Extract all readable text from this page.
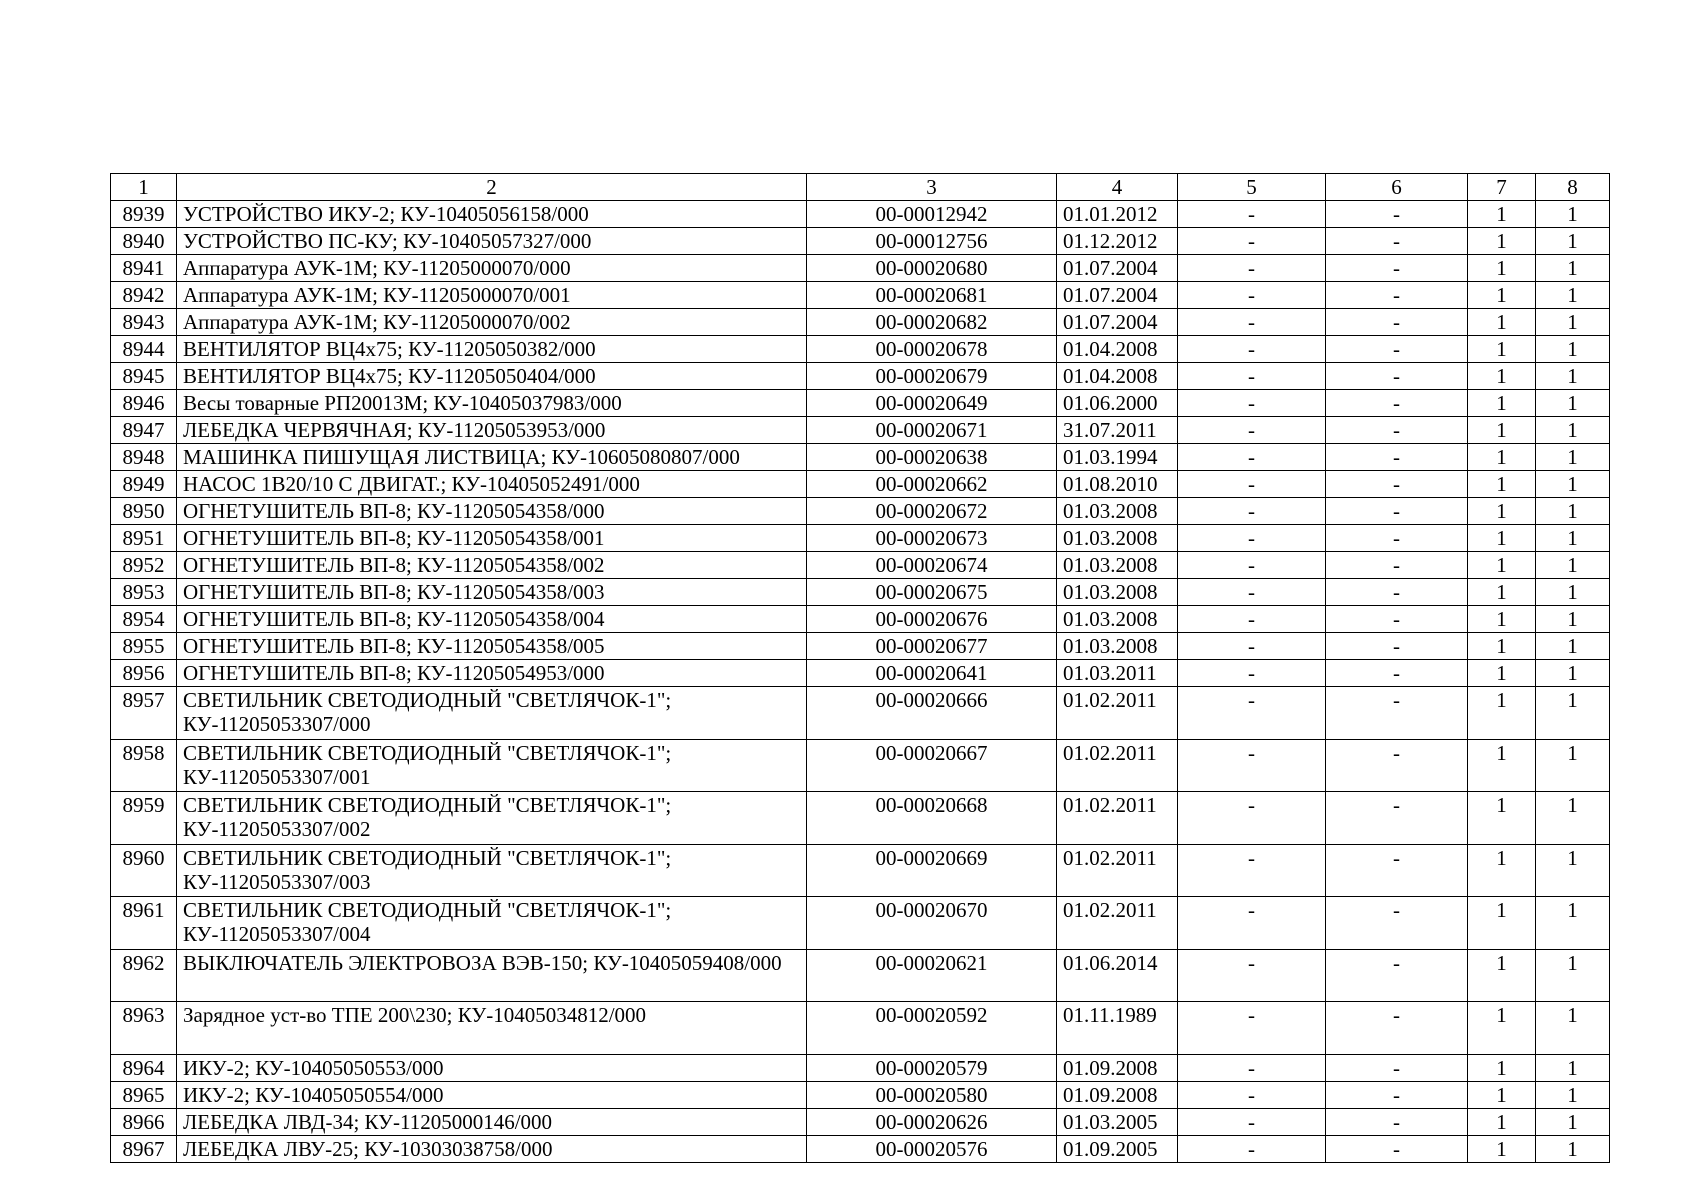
1	2	3	4	5	6	7	8
8939	УСТРОЙСТВО ИКУ-2; КУ-10405056158/000	00-00012942	01.01.2012	-	-	1	1
8940	УСТРОЙСТВО ПС-КУ; КУ-10405057327/000	00-00012756	01.12.2012	-	-	1	1
8941	Аппаратура АУК-1М; КУ-11205000070/000	00-00020680	01.07.2004	-	-	1	1
8942	Аппаратура АУК-1М; КУ-11205000070/001	00-00020681	01.07.2004	-	-	1	1
8943	Аппаратура АУК-1М; КУ-11205000070/002	00-00020682	01.07.2004	-	-	1	1
8944	ВЕНТИЛЯТОР ВЦ4х75; КУ-11205050382/000	00-00020678	01.04.2008	-	-	1	1
8945	ВЕНТИЛЯТОР ВЦ4х75; КУ-11205050404/000	00-00020679	01.04.2008	-	-	1	1
8946	Весы товарные РП20013М; КУ-10405037983/000	00-00020649	01.06.2000	-	-	1	1
8947	ЛЕБЕДКА ЧЕРВЯЧНАЯ; КУ-11205053953/000	00-00020671	31.07.2011	-	-	1	1
8948	МАШИНКА ПИШУЩАЯ ЛИСТВИЦА; КУ-10605080807/000	00-00020638	01.03.1994	-	-	1	1
8949	НАСОС 1В20/10 С ДВИГАТ.; КУ-10405052491/000	00-00020662	01.08.2010	-	-	1	1
8950	ОГНЕТУШИТЕЛЬ ВП-8; КУ-11205054358/000	00-00020672	01.03.2008	-	-	1	1
8951	ОГНЕТУШИТЕЛЬ ВП-8; КУ-11205054358/001	00-00020673	01.03.2008	-	-	1	1
8952	ОГНЕТУШИТЕЛЬ ВП-8; КУ-11205054358/002	00-00020674	01.03.2008	-	-	1	1
8953	ОГНЕТУШИТЕЛЬ ВП-8; КУ-11205054358/003	00-00020675	01.03.2008	-	-	1	1
8954	ОГНЕТУШИТЕЛЬ ВП-8; КУ-11205054358/004	00-00020676	01.03.2008	-	-	1	1
8955	ОГНЕТУШИТЕЛЬ ВП-8; КУ-11205054358/005	00-00020677	01.03.2008	-	-	1	1
8956	ОГНЕТУШИТЕЛЬ ВП-8; КУ-11205054953/000	00-00020641	01.03.2011	-	-	1	1
8957	СВЕТИЛЬНИК СВЕТОДИОДНЫЙ "СВЕТЛЯЧОК-1"; КУ-11205053307/000	00-00020666	01.02.2011	-	-	1	1
8958	СВЕТИЛЬНИК СВЕТОДИОДНЫЙ "СВЕТЛЯЧОК-1"; КУ-11205053307/001	00-00020667	01.02.2011	-	-	1	1
8959	СВЕТИЛЬНИК СВЕТОДИОДНЫЙ "СВЕТЛЯЧОК-1"; КУ-11205053307/002	00-00020668	01.02.2011	-	-	1	1
8960	СВЕТИЛЬНИК СВЕТОДИОДНЫЙ "СВЕТЛЯЧОК-1"; КУ-11205053307/003	00-00020669	01.02.2011	-	-	1	1
8961	СВЕТИЛЬНИК СВЕТОДИОДНЫЙ "СВЕТЛЯЧОК-1"; КУ-11205053307/004	00-00020670	01.02.2011	-	-	1	1
8962	ВЫКЛЮЧАТЕЛЬ ЭЛЕКТРОВОЗА ВЭВ-150; КУ-10405059408/000	00-00020621	01.06.2014	-	-	1	1
8963	Зарядное уст-во ТПЕ 200\230; КУ-10405034812/000	00-00020592	01.11.1989	-	-	1	1
8964	ИКУ-2; КУ-10405050553/000	00-00020579	01.09.2008	-	-	1	1
8965	ИКУ-2; КУ-10405050554/000	00-00020580	01.09.2008	-	-	1	1
8966	ЛЕБЕДКА ЛВД-34; КУ-11205000146/000	00-00020626	01.03.2005	-	-	1	1
8967	ЛЕБЕДКА ЛВУ-25; КУ-10303038758/000	00-00020576	01.09.2005	-	-	1	1
